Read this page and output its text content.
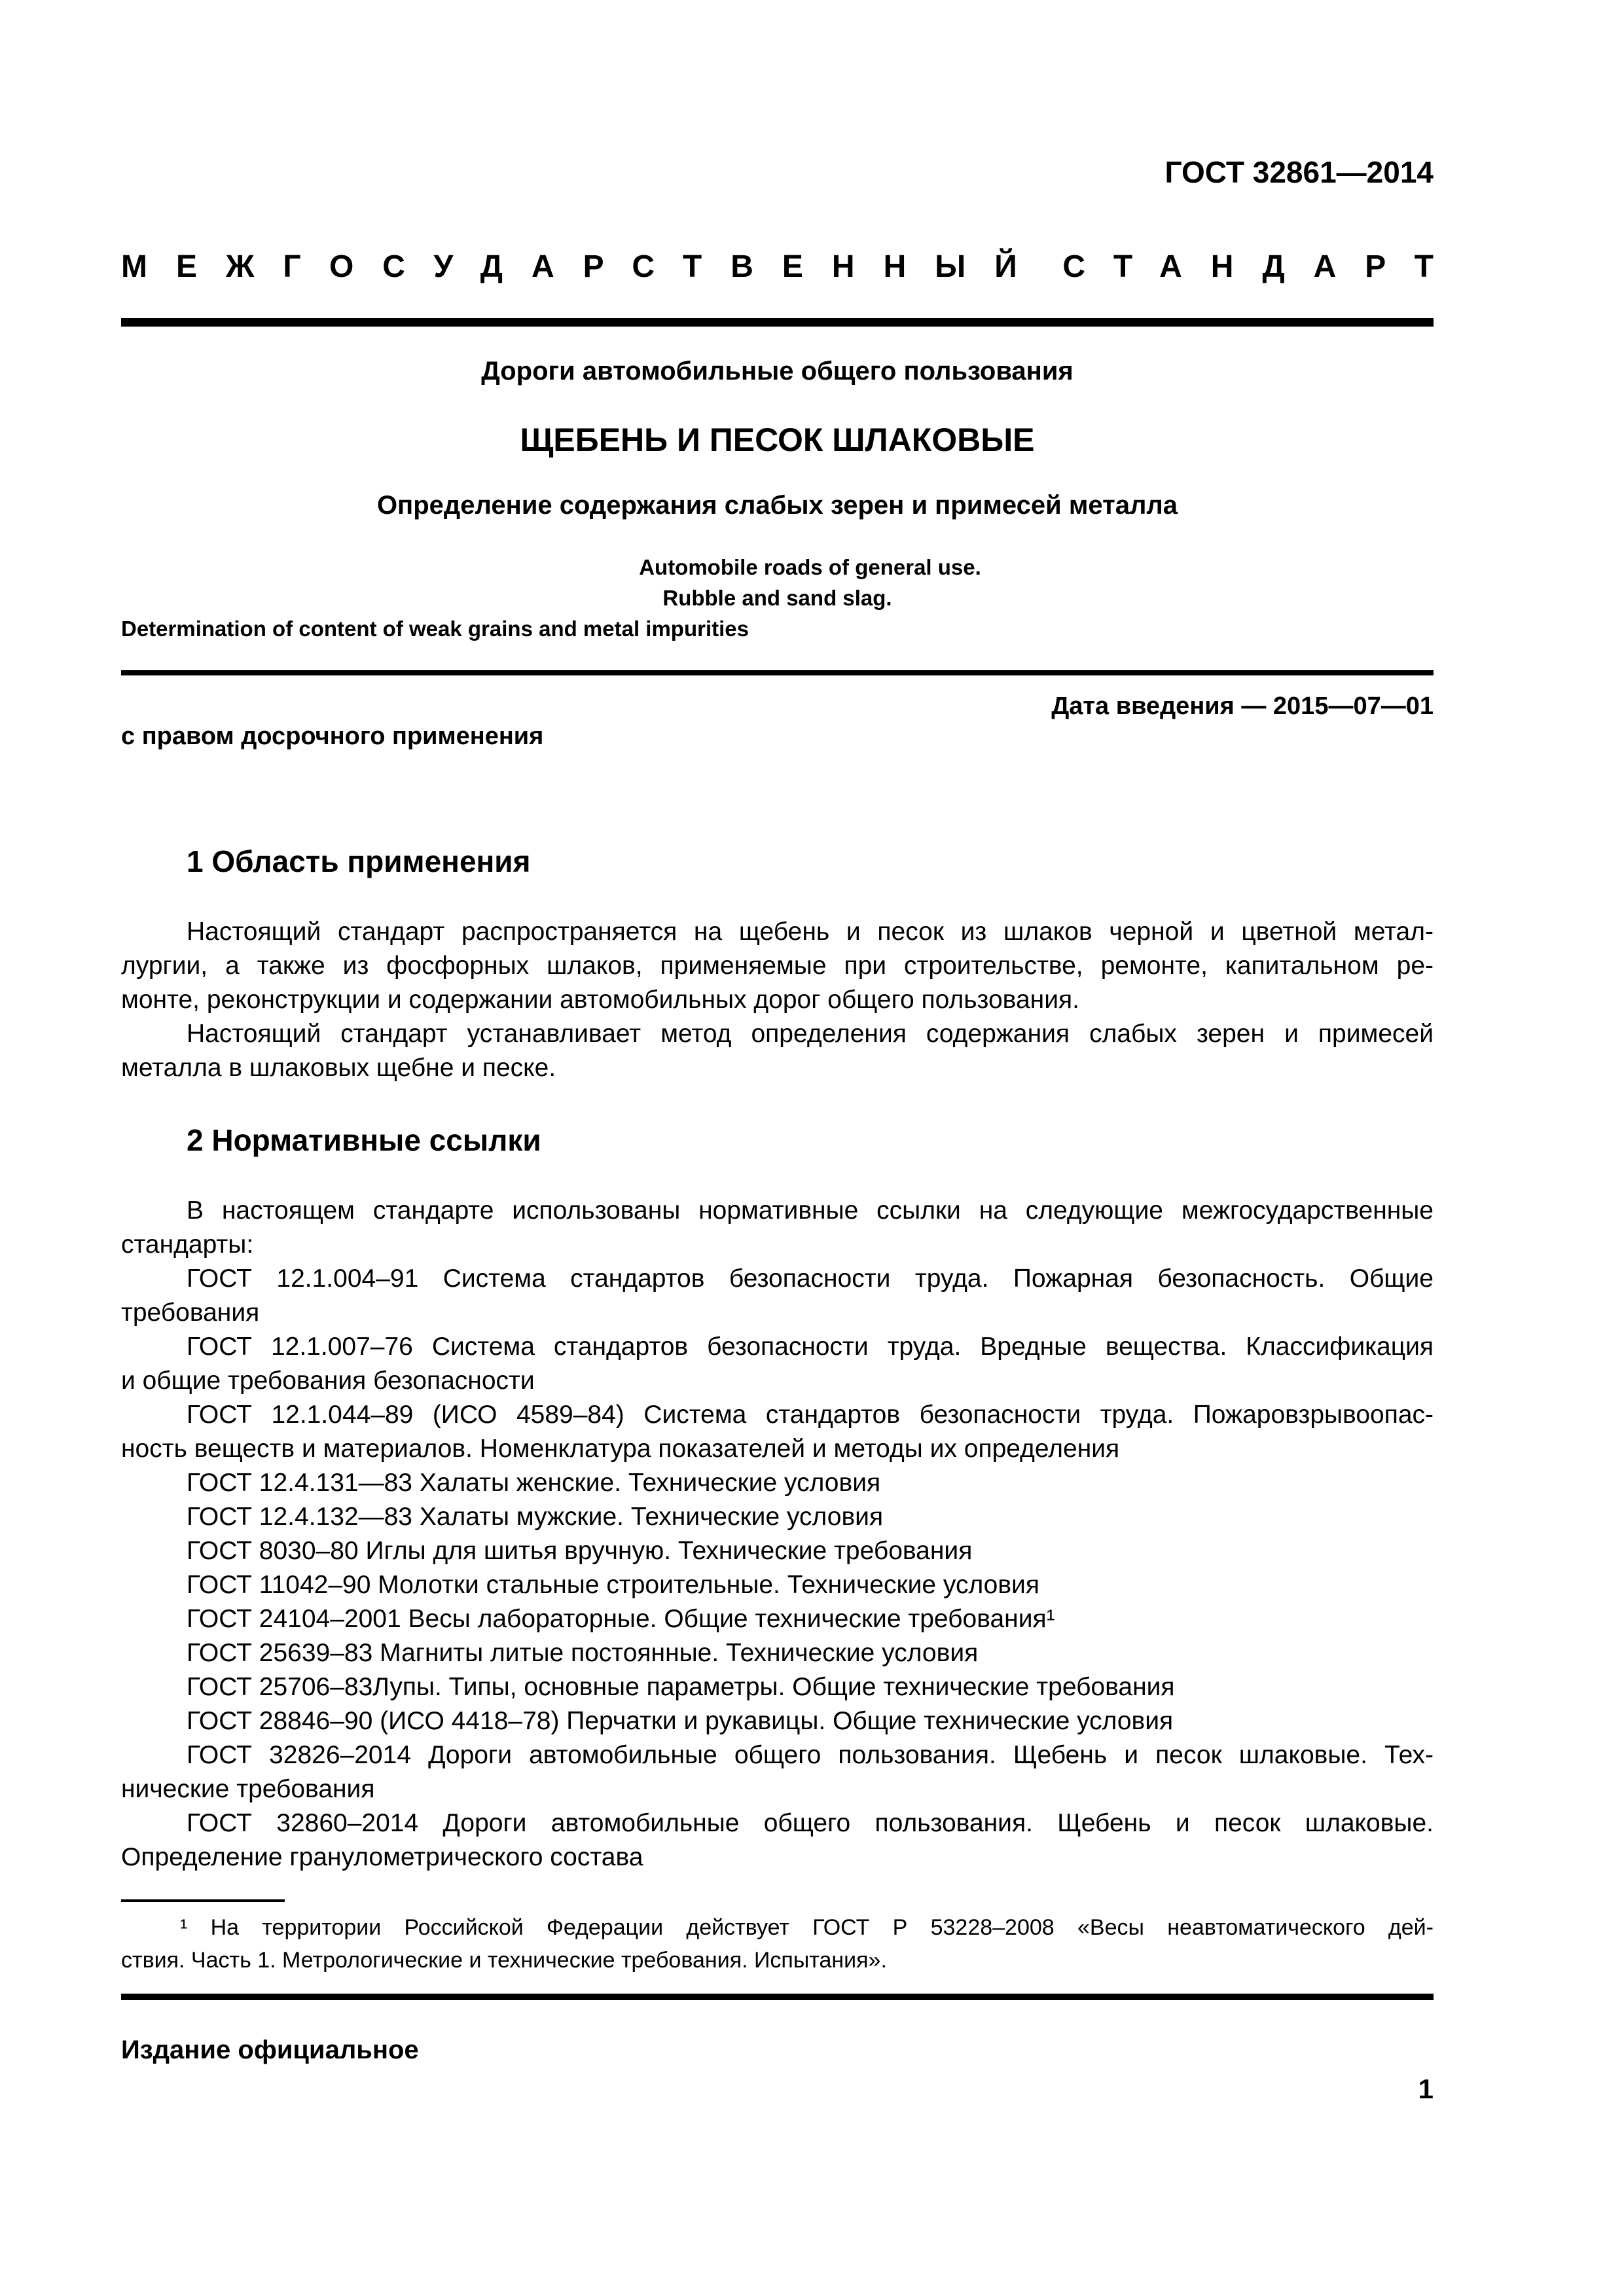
ГОСТ 32861—2014
МЕЖГОСУДАРСТВЕННЫЙ СТАНДАРТ
Дороги автомобильные общего пользования
ЩЕБЕНЬ И ПЕСОК ШЛАКОВЫЕ
Определение содержания слабых зерен и примесей металла
Automobile roads of general use.
Rubble and sand slag.
Determination of content of weak grains and metal impurities
Дата введения — 2015—07—01
с правом досрочного применения
1 Область применения
Настоящий стандарт распространяется на щебень и песок из шлаков черной и цветной метал-
лургии, а также из фосфорных шлаков, применяемые при строительстве, ремонте, капитальном ре-
монте, реконструкции и содержании автомобильных дорог общего пользования.
Настоящий стандарт устанавливает метод определения содержания слабых зерен и примесей
металла в шлаковых щебне и песке.
2 Нормативные ссылки
В настоящем стандарте использованы нормативные ссылки на следующие межгосударственные
стандарты:
ГОСТ 12.1.004–91 Система стандартов безопасности труда. Пожарная безопасность. Общие
требования
ГОСТ 12.1.007–76 Система стандартов безопасности труда. Вредные вещества. Классификация
и общие требования безопасности
ГОСТ 12.1.044–89 (ИСО 4589–84) Система стандартов безопасности труда. Пожаровзрывоопас-
ность веществ и материалов. Номенклатура показателей и методы их определения
ГОСТ 12.4.131—83 Халаты женские. Технические условия
ГОСТ 12.4.132—83 Халаты мужские. Технические условия
ГОСТ 8030–80 Иглы для шитья вручную. Технические требования
ГОСТ 11042–90 Молотки стальные строительные. Технические условия
ГОСТ 24104–2001 Весы лабораторные. Общие технические требования¹
ГОСТ 25639–83 Магниты литые постоянные. Технические условия
ГОСТ 25706–83Лупы. Типы, основные параметры. Общие технические требования
ГОСТ 28846–90 (ИСО 4418–78) Перчатки и рукавицы. Общие технические условия
ГОСТ 32826–2014 Дороги автомобильные общего пользования. Щебень и песок шлаковые. Тех-
нические требования
ГОСТ 32860–2014 Дороги автомобильные общего пользования. Щебень и песок шлаковые.
Определение гранулометрического состава
¹ На территории Российской Федерации действует ГОСТ Р 53228–2008 «Весы неавтоматического дей-
ствия. Часть 1. Метрологические и технические требования. Испытания».
Издание официальное
1
